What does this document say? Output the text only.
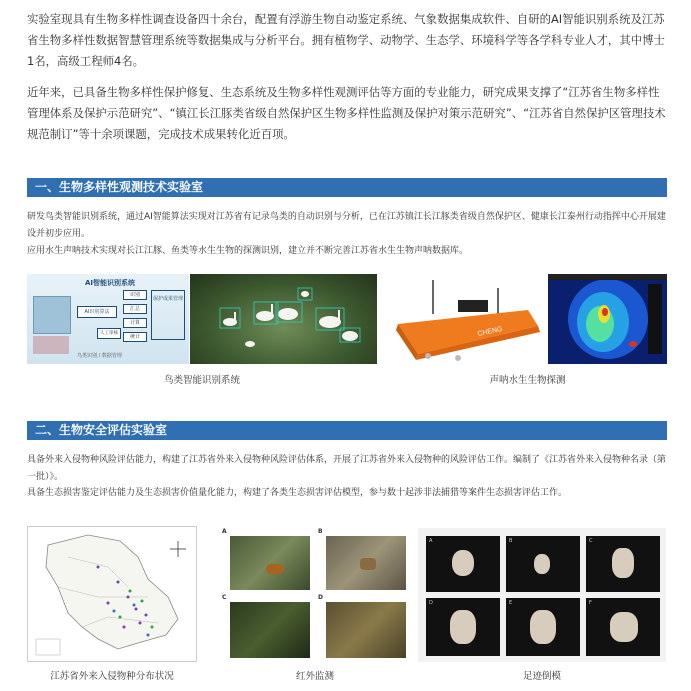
实验室现具有生物多样性调查设备四十余台，配置有浮游生物自动鉴定系统、气象数据集成软件、自研的AI智能识别系统及江苏省生物多样性数据智慧管理系统等数据集成与分析平台。拥有植物学、动物学、生态学、环境科学等各学科专业人才，其中博士1名，高级工程师4名。

近年来，已具备生物多样性保护修复、生态系统及生物多样性观测评估等方面的专业能力，研究成果支撑了“江苏省生物多样性管理体系及保护示范研究”、“镇江长江豚类省级自然保护区生物多样性监测及保护对策示范研究”、“江苏省自然保护区管理技术规范制订”等十余项课题，完成技术成果转化近百项。

一、生物多样性观测技术实验室

研发鸟类智能识别系统，通过AI智能算法实现对江苏省有记录鸟类的自动识别与分析，已在江苏镇江长江豚类省级自然保护区、健康长江泰州行动指挥中心开展建设并初步应用。

应用水生声呐技术实现对长江江豚、鱼类等水生生物的探测识别，建立并不断完善江苏省水生生物声呐数据库。

AI智能识别系统
AI识别算法
识别
汇总
计算
统计
保护成果管理
人工审核
鸟类识别 / 数据管理
鸟类智能识别系统
CHENG
声呐水生生物探测
二、生物安全评估实验室

具备外来入侵物种风险评估能力，构建了江苏省外来入侵物种风险评估体系，开展了江苏省外来入侵物种的风险评估工作。编制了《江苏省外来入侵物种名录（第一批）》。

具备生态损害鉴定评估能力及生态损害价值量化能力，构建了各类生态损害评估模型，参与数十起涉非法捕猎等案件生态损害评估工作。

江苏省外来入侵物种分布状况
A	B
C	D
红外监测
A	B	C
D	E	F
足迹倒模
